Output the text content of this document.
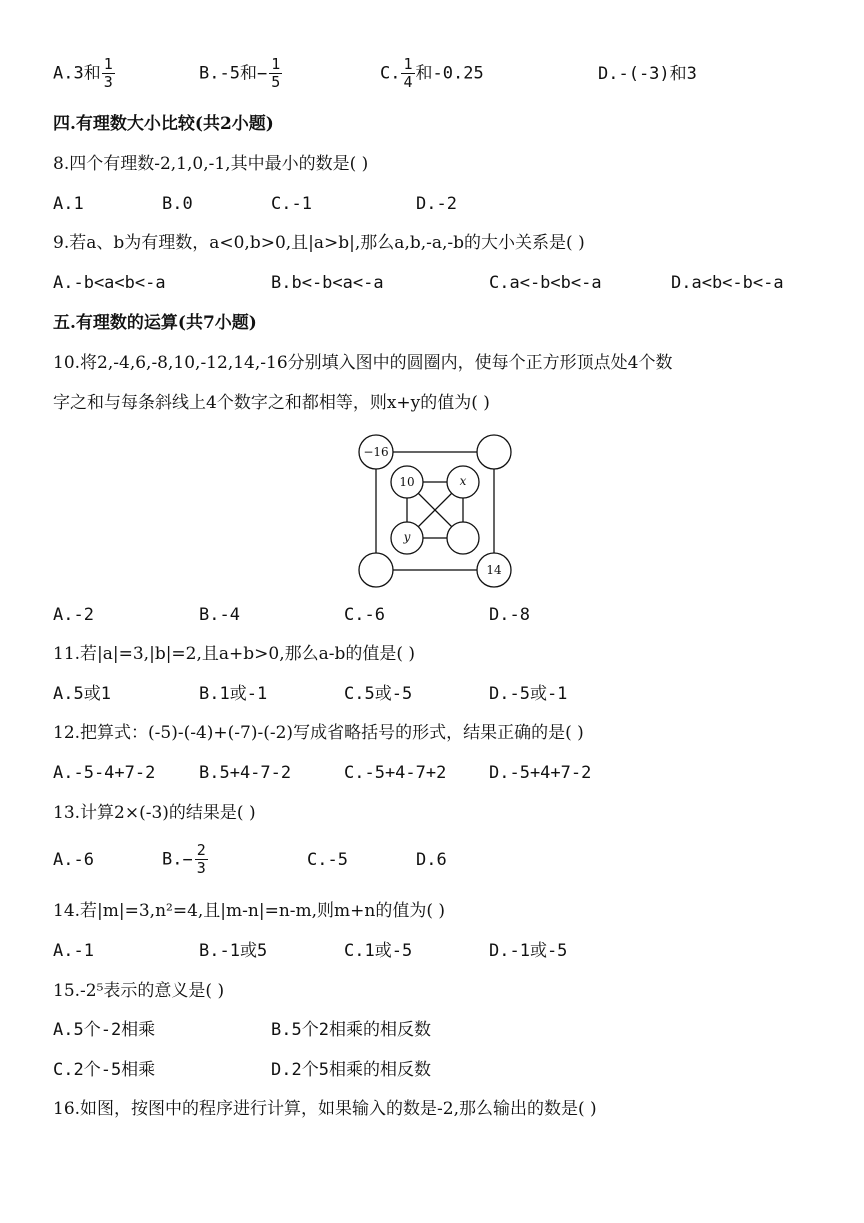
A.3和 $\frac{1}{3}$	B.-5和− $\frac{1}{5}$	C. $\frac{1}{4}$ 和-0.25	D.-(-3)和3
四.有理数大小比较(共2小题)
8.四个有理数-2,1,0,-1,其中最小的数是( )
A.1	B.0	C.-1	D.-2
9.若a、b为有理数，a<0,b>0,且|a>b|,那么a,b,-a,-b的大小关系是( )
A.-b<a<b<-a	B.b<-b<a<-a	C.a<-b<b<-a	D.a<b<-b<-a
五.有理数的运算(共7小题)
10.将2,-4,6,-8,10,-12,14,-16分别填入图中的圆圈内，使每个正方形顶点处4个数
字之和与每条斜线上4个数字之和都相等，则x+y的值为( )
−16
10	x
y
14
A.-2	B.-4	C.-6	D.-8
11.若|a|=3,|b|=2,且a+b>0,那么a-b的值是( )
A.5或1	B.1或-1	C.5或-5	D.-5或-1
12.把算式：(-5)-(-4)+(-7)-(-2)写成省略括号的形式，结果正确的是( )
A.-5-4+7-2	B.5+4-7-2	C.-5+4-7+2	D.-5+4+7-2
13.计算2×(-3)的结果是( )
A.-6	$B.- \frac{2}{3}$	C.-5	D.6
14.若|m|=3,n²=4,且|m-n|=n-m,则m+n的值为( )
A.-1	B.-1或5	C.1或-5	D.-1或-5
15.-2⁵表示的意义是( )
A.5个-2相乘	B.5个2相乘的相反数
C.2个-5相乘	D.2个5相乘的相反数
16.如图，按图中的程序进行计算，如果输入的数是-2,那么输出的数是( )
